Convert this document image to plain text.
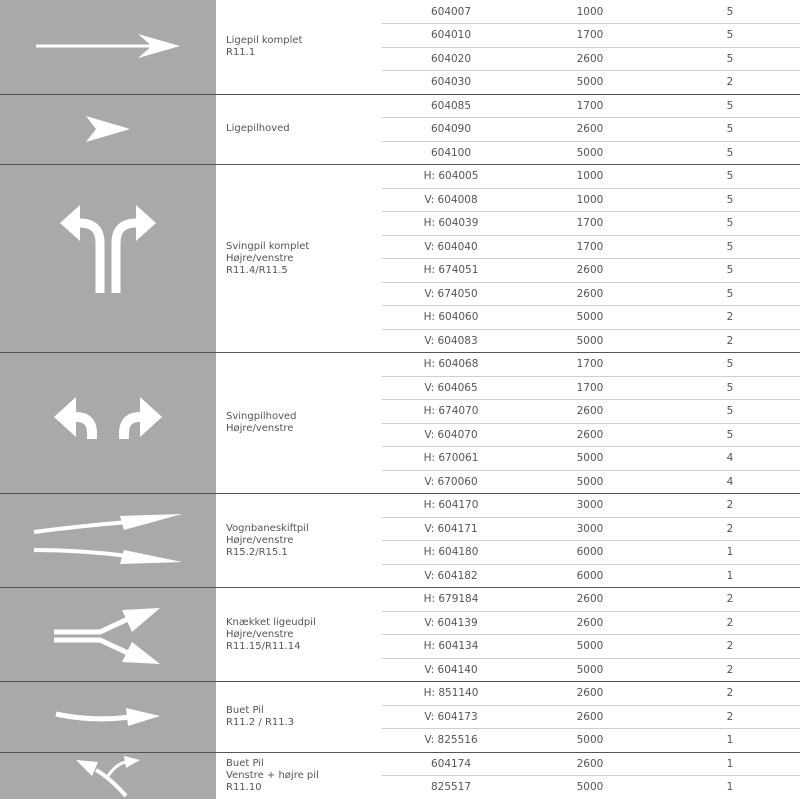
Ligepil komplet
R11.1
604007	1000	5
604010	1700	5
604020	2600	5
604030	5000	2
Ligepilhoved
604085	1700	5
604090	2600	5
604100	5000	5
Svingpil komplet
Højre/venstre
R11.4/R11.5
H: 604005	1000	5
V: 604008	1000	5
H: 604039	1700	5
V: 604040	1700	5
H: 674051	2600	5
V: 674050	2600	5
H: 604060	5000	2
V: 604083	5000	2
Svingpilhoved
Højre/venstre
H: 604068	1700	5
V: 604065	1700	5
H: 674070	2600	5
V: 604070	2600	5
H: 670061	5000	4
V: 670060	5000	4
Vognbaneskiftpil
Højre/venstre
R15.2/R15.1
H: 604170	3000	2
V: 604171	3000	2
H: 604180	6000	1
V: 604182	6000	1
Knækket ligeudpil
Højre/venstre
R11.15/R11.14
H: 679184	2600	2
V: 604139	2600	2
H: 604134	5000	2
V: 604140	5000	2
Buet Pil
R11.2 / R11.3
H: 851140	2600	2
V: 604173	2600	2
V: 825516	5000	1
Buet Pil
Venstre + højre pil
R11.10
604174	2600	1
825517	5000	1
